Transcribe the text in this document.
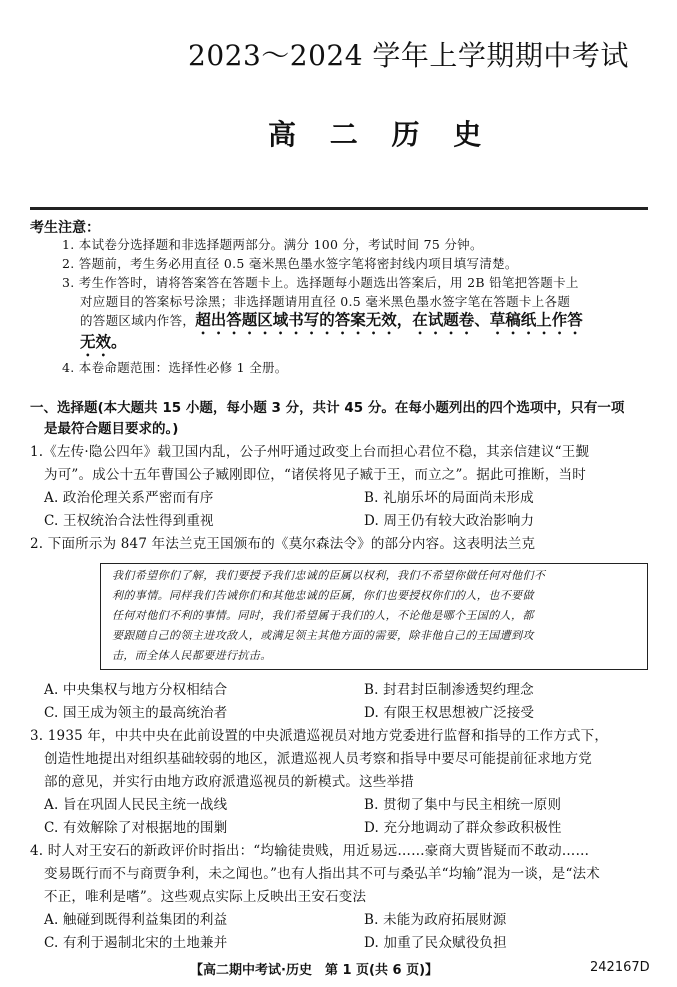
2023～2024 学年上学期期中考试
高 二 历 史
考生注意：
1. 本试卷分选择题和非选择题两部分。满分 100 分，考试时间 75 分钟。
2. 答题前，考生务必用直径 0.5 毫米黑色墨水签字笔将密封线内项目填写清楚。
3. 考生作答时，请将答案答在答题卡上。选择题每小题选出答案后，用 2B 铅笔把答题卡上
对应题目的答案标号涂黑；非选择题请用直径 0.5 毫米黑色墨水签字笔在答题卡上各题
的答题区域内作答，超出答题区域书写的答案无效，在试题卷、草稿纸上作答
无效。
4. 本卷命题范围：选择性必修 1 全册。
一、选择题(本大题共 15 小题，每小题 3 分，共计 45 分。在每小题列出的四个选项中，只有一项
是最符合题目要求的。)
1.《左传·隐公四年》载卫国内乱，公子州吁通过政变上台而担心君位不稳，其亲信建议“王觐
为可”。成公十五年曹国公子臧刚即位，“诸侯将见子臧于王，而立之”。据此可推断，当时
A. 政治伦理关系严密而有序	B. 礼崩乐坏的局面尚未形成
C. 王权统治合法性得到重视	D. 周王仍有较大政治影响力
2. 下面所示为 847 年法兰克王国颁布的《莫尔森法令》的部分内容。这表明法兰克
我们希望你们了解，我们要授予我们忠诚的臣属以权利，我们不希望你做任何对他们不
利的事情。同样我们告诫你们和其他忠诚的臣属，你们也要授权你们的人，也不要做
任何对他们不利的事情。同时，我们希望属于我们的人，不论他是哪个王国的人，都
要跟随自己的领主进攻敌人，或满足领主其他方面的需要，除非他自己的王国遭到攻
击，而全体人民都要进行抗击。
A. 中央集权与地方分权相结合	B. 封君封臣制渗透契约理念
C. 国王成为领主的最高统治者	D. 有限王权思想被广泛接受
3. 1935 年，中共中央在此前设置的中央派遣巡视员对地方党委进行监督和指导的工作方式下，
创造性地提出对组织基础较弱的地区，派遣巡视人员考察和指导中要尽可能提前征求地方党
部的意见，并实行由地方政府派遣巡视员的新模式。这些举措
A. 旨在巩固人民民主统一战线	B. 贯彻了集中与民主相统一原则
C. 有效解除了对根据地的围剿	D. 充分地调动了群众参政积极性
4. 时人对王安石的新政评价时指出：“均输徒贵贱，用近易远……豪商大贾皆疑而不敢动……
变易既行而不与商贾争利，未之闻也。”也有人指出其不可与桑弘羊“均输”混为一谈，是“法术
不正，唯利是嗜”。这些观点实际上反映出王安石变法
A. 触碰到既得利益集团的利益	B. 未能为政府拓展财源
C. 有利于遏制北宋的土地兼并	D. 加重了民众赋役负担
【高二期中考试·历史　第 1 页(共 6 页)】	242167D
